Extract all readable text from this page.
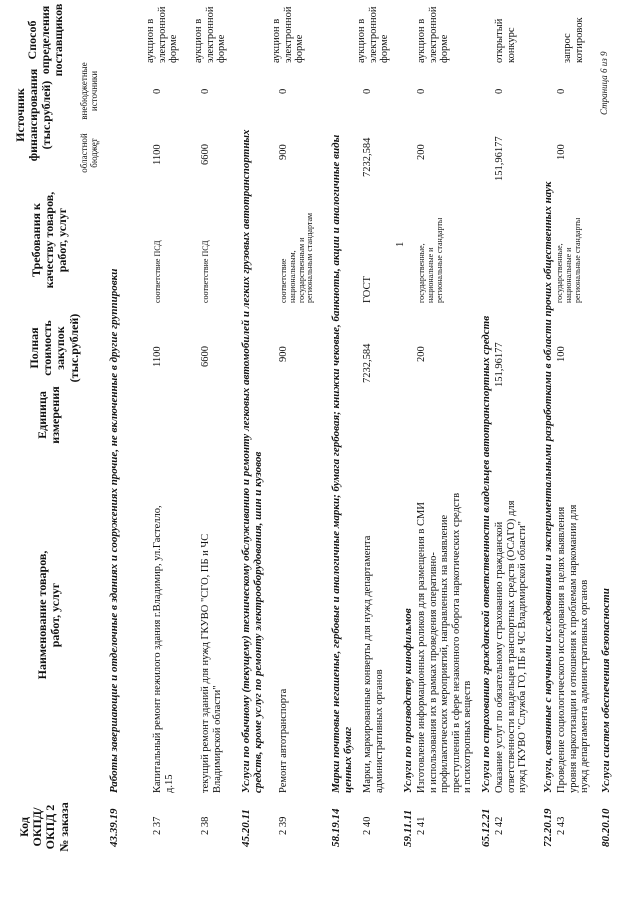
Код
ОКПД/
ОКПД 2
№ заказа
Наименование товаров,
работ, услуг
Единица
измерения
Полная
стоимость
закупок
(тыс.рублей)
Требования к
качеству товаров,
работ, услуг
Источник
финансирования
(тыс.рублей)
областной
бюджет
внебюджетные
источники
Способ
определения
поставщиков
43.39.19
Работы завершающие и отделочные в зданиях и сооружениях прочие, не включенные в другие группировки
2 37
Капитальный ремонт нежилого здания г.Владимир, ул.Гастелло,
д.15
1100
соответствие ПСД
1100
0
аукцион в
электронной
форме
2 38
текущий ремонт зданий для нужд ГКУВО "СГО, ПБ и ЧС
Владимирской области"
6600
соответствие ПСД
6600
0
аукцион в
электронной
форме
45.20.11
Услуги по обычному (текущему) техническому обслуживанию и ремонту легковых автомобилей и легких грузовых автотранспортных
средств, кроме услуг по ремонту электрооборудования, шин и кузовов
2 39
Ремонт автотранспорта
900
соответствие
национальным,
государственным и
региональным стандартам
900
0
аукцион в
электронной
форме
58.19.14
Марки почтовые негашеные, гербовые и аналогичные марки; бумага гербовая; книжки чековые, банкноты, акции и аналогичные виды
ценных бумаг
2 40
Марки, маркированные конверты для нужд департамента
административных органов
7232,584
ГОСТ
7232,584
0
аукцион в
электронной
форме
59.11.11
Услуги по производству кинофильмов
2 41
Изготовление информационных роликов для размещения в СМИ
и использования их в рамках проведения оперативно-
профилактических мероприятий, направленных на выявление
преступлений в сфере незаконного оборота наркотических средств
и психотропных веществ
200
государственные,
национальные и
региональные стандарты
200
0
аукцион в
электронной
форме
65.12.21
Услуги по страхованию гражданской ответственности владельцев автотранспортных средств
2 42
Оказание услуг по обязательному страхованию гражданской
ответственности владельцев транспортных средств (ОСАГО) для
нужд ГКУВО "Служба ГО, ПБ и ЧС Владимирской области"
151,96177
151,96177
0
открытый
конкурс
72.20.19
Услуги, связанные с научными исследованиями и экспериментальными разработками в области прочих общественных наук
2 43
Проведение социологического исследования в целях выявления
уровня наркотизации и отношения к проблемам наркомании для
нужд департамента административных органов
100
государственные,
национальные и
региональные стандарты
100
0
запрос
котировок
80.20.10
Услуги систем обеспечения безопасности
1
"
Страница 6 из 9
